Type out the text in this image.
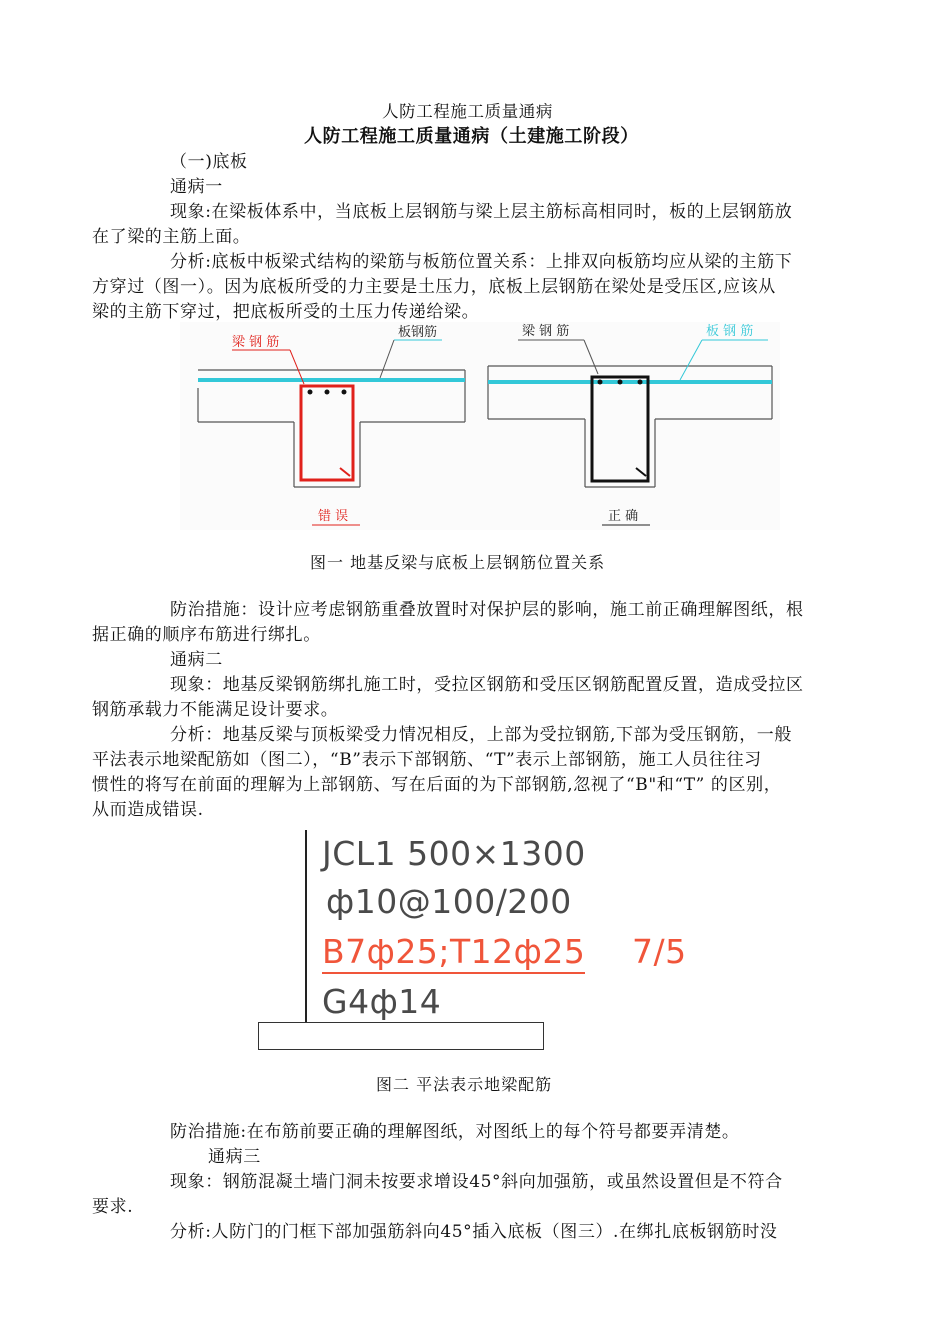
人防工程施工质量通病
人防工程施工质量通病（土建施工阶段）
（一)底板
通病一
现象:在梁板体系中，当底板上层钢筋与梁上层主筋标高相同时，板的上层钢筋放
在了梁的主筋上面。
分析:底板中板梁式结构的梁筋与板筋位置关系：上排双向板筋均应从梁的主筋下
方穿过（图一）。因为底板所受的力主要是土压力，底板上层钢筋在梁处是受压区,应该从
梁的主筋下穿过，把底板所受的土压力传递给梁。
梁 钢 筋
板钢筋
错 误
梁 钢 筋	板 钢 筋
正 确
图一 地基反梁与底板上层钢筋位置关系
防治措施：设计应考虑钢筋重叠放置时对保护层的影响，施工前正确理解图纸，根
据正确的顺序布筋进行绑扎。
通病二
现象：地基反梁钢筋绑扎施工时，受拉区钢筋和受压区钢筋配置反置，造成受拉区
钢筋承载力不能满足设计要求。
分析：地基反梁与顶板梁受力情况相反，上部为受拉钢筋,下部为受压钢筋，一般
平法表示地梁配筋如（图二），“B”表示下部钢筋、“T”表示上部钢筋，施工人员往往习
惯性的将写在前面的理解为上部钢筋、写在后面的为下部钢筋,忽视了“B"和“T” 的区别，
从而造成错误.
JCL1 500×1300
ф10@100/200
B7ф25;T12ф25 7/5
G4ф14
图二 平法表示地梁配筋
防治措施:在布筋前要正确的理解图纸，对图纸上的每个符号都要弄清楚。
通病三
现象：钢筋混凝土墙门洞未按要求增设45°斜向加强筋，或虽然设置但是不符合
要求.
分析:人防门的门框下部加强筋斜向45°插入底板（图三）.在绑扎底板钢筋时没
